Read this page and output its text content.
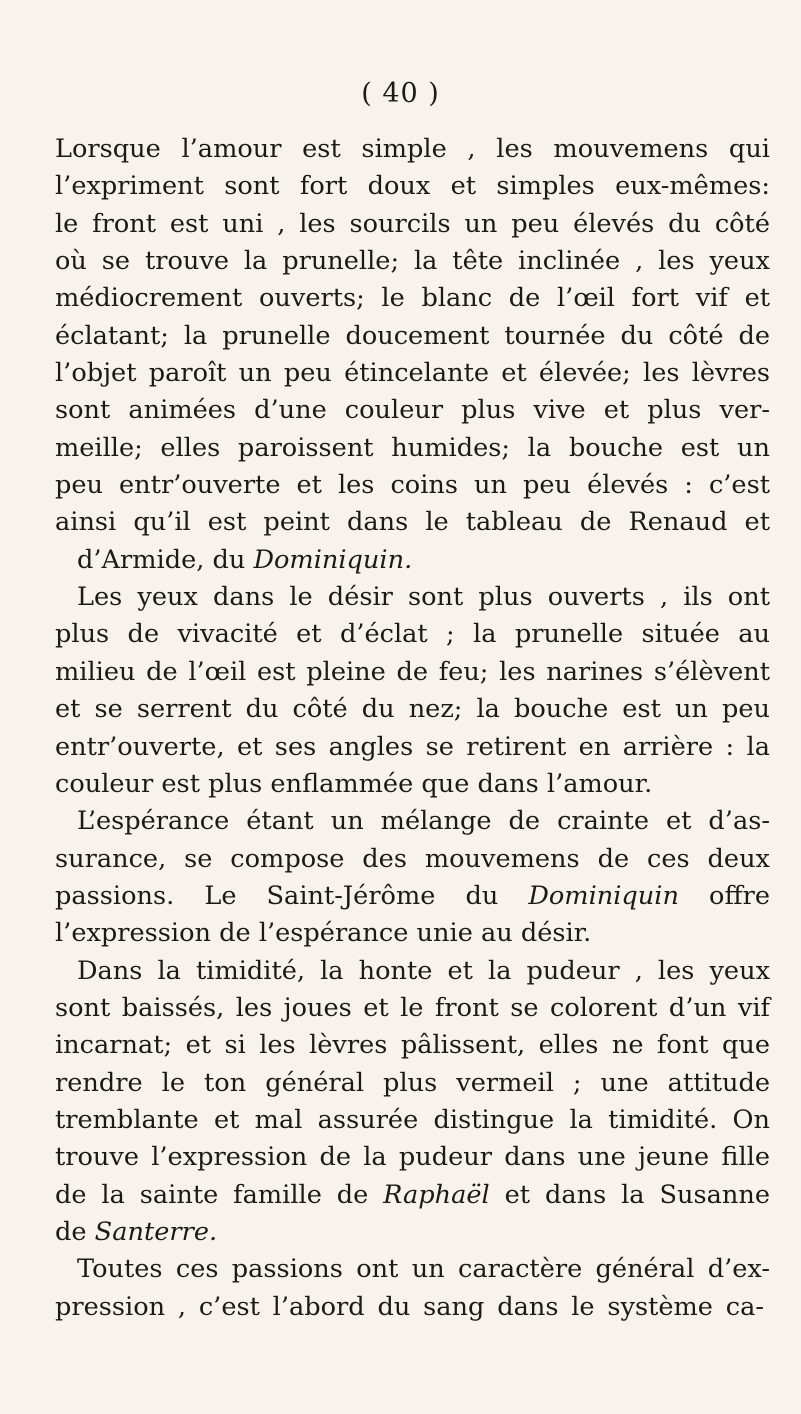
( 40 )
Lorsque l’amour est simple , les mouvemens qui
l’expriment sont fort doux et simples eux-mêmes:
le front est uni , les sourcils un peu élevés du côté
où se trouve la prunelle; la tête inclinée , les yeux
médiocrement ouverts; le blanc de l’œil fort vif et
éclatant; la prunelle doucement tournée du côté de
l’objet paroît un peu étincelante et élevée; les lèvres
sont animées d’une couleur plus vive et plus ver-
meille; elles paroissent humides; la bouche est un
peu entr’ouverte et les coins un peu élevés : c’est
ainsi qu’il est peint dans le tableau de Renaud et
d’Armide, du Dominiquin.
Les yeux dans le désir sont plus ouverts , ils ont
plus de vivacité et d’éclat ; la prunelle située au
milieu de l’œil est pleine de feu; les narines s’élèvent
et se serrent du côté du nez; la bouche est un peu
entr’ouverte, et ses angles se retirent en arrière : la
couleur est plus enflammée que dans l’amour.
L’espérance étant un mélange de crainte et d’as-
surance, se compose des mouvemens de ces deux
passions. Le Saint-Jérôme du Dominiquin offre
l’expression de l’espérance unie au désir.
Dans la timidité, la honte et la pudeur , les yeux
sont baissés, les joues et le front se colorent d’un vif
incarnat; et si les lèvres pâlissent, elles ne font que
rendre le ton général plus vermeil ; une attitude
tremblante et mal assurée distingue la timidité. On
trouve l’expression de la pudeur dans une jeune fille
de la sainte famille de Raphaël et dans la Susanne
de Santerre.
Toutes ces passions ont un caractère général d’ex-
pression , c’est l’abord du sang dans le système ca-
